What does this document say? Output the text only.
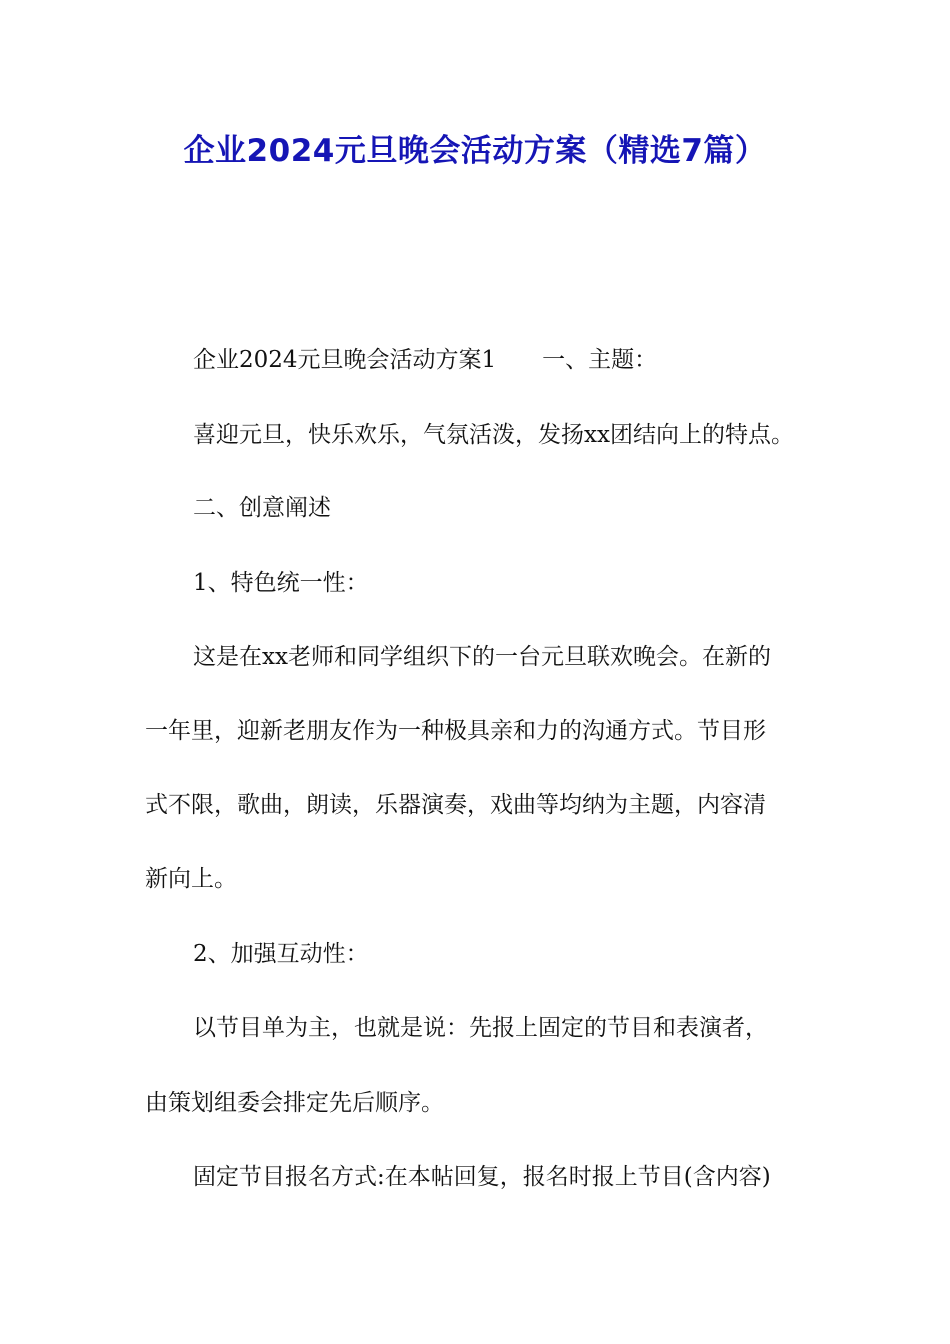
企业2024元旦晚会活动方案（精选7篇）
企业2024元旦晚会活动方案1　　一、主题：
喜迎元旦，快乐欢乐，气氛活泼，发扬xx团结向上的特点。
二、创意阐述
1、特色统一性：
这是在xx老师和同学组织下的一台元旦联欢晚会。在新的
一年里，迎新老朋友作为一种极具亲和力的沟通方式。节目形
式不限，歌曲，朗读，乐器演奏，戏曲等均纳为主题，内容清
新向上。
2、加强互动性：
以节目单为主，也就是说：先报上固定的节目和表演者，
由策划组委会排定先后顺序。
固定节目报名方式:在本帖回复，报名时报上节目(含内容)
